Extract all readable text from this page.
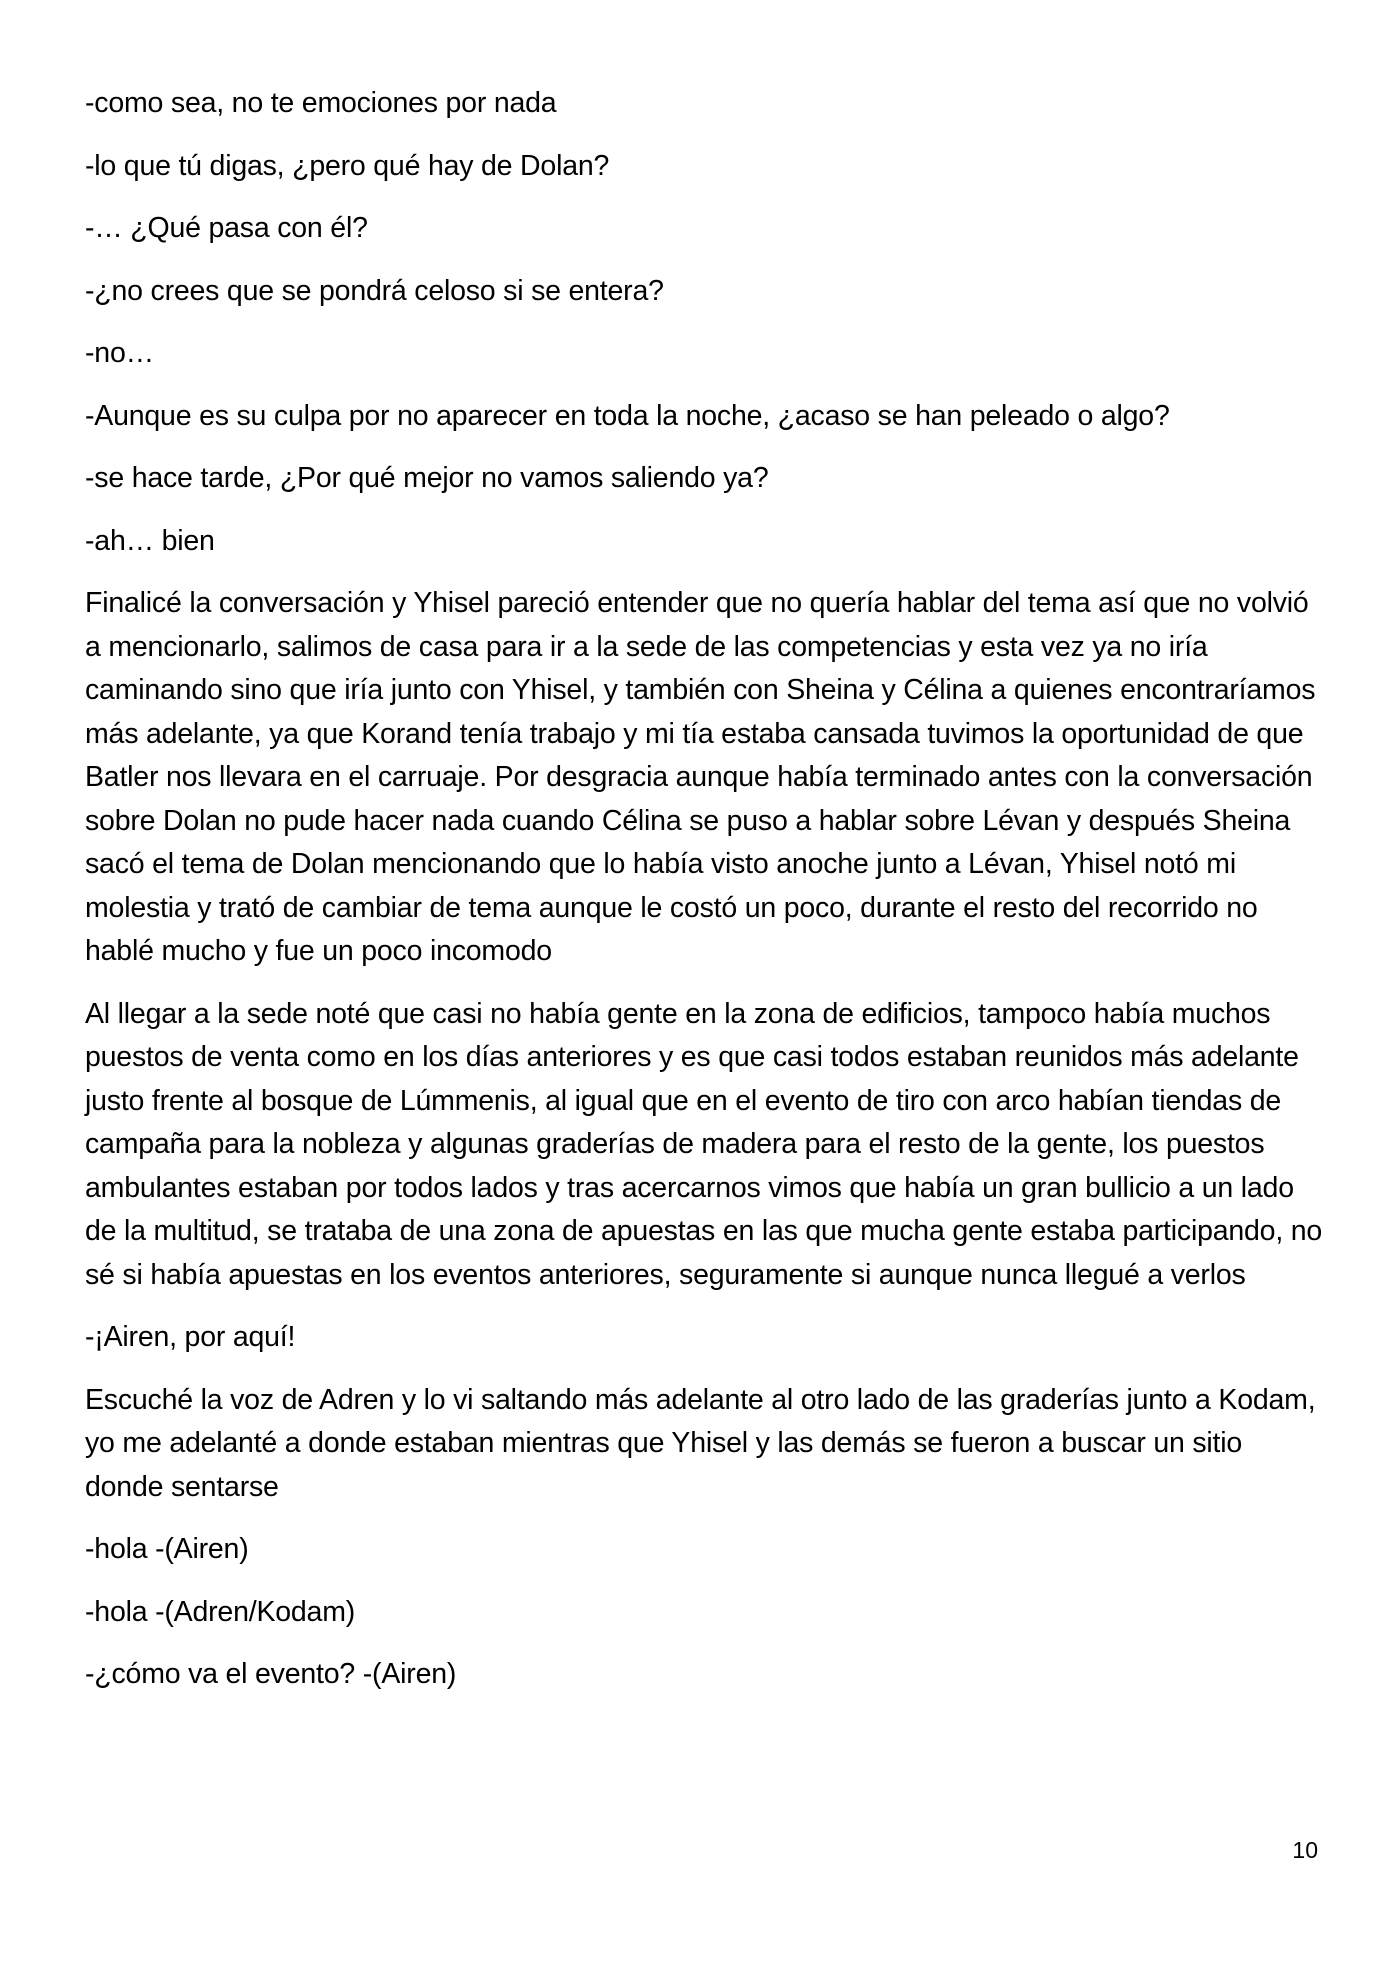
-como sea, no te emociones por nada

-lo que tú digas, ¿pero qué hay de Dolan?

-… ¿Qué pasa con él?

-¿no crees que se pondrá celoso si se entera?

-no…

-Aunque es su culpa por no aparecer en toda la noche, ¿acaso se han peleado o algo?

-se hace tarde, ¿Por qué mejor no vamos saliendo ya?

-ah… bien

Finalicé la conversación y Yhisel pareció entender que no quería hablar del tema así que no volvió a mencionarlo, salimos de casa para ir a la sede de las competencias y esta vez ya no iría caminando sino que iría junto con Yhisel, y también con Sheina y Célina a quienes encontraríamos más adelante, ya que Korand tenía trabajo y mi tía estaba cansada tuvimos la oportunidad de que Batler nos llevara en el carruaje. Por desgracia aunque había terminado antes con la conversación sobre Dolan no pude hacer nada cuando Célina se puso a hablar sobre Lévan y después Sheina sacó el tema de Dolan mencionando que lo había visto anoche junto a Lévan, Yhisel notó mi molestia y trató de cambiar de tema aunque le costó un poco, durante el resto del recorrido no hablé mucho y fue un poco incomodo

Al llegar a la sede noté que casi no había gente en la zona de edificios, tampoco había muchos puestos de venta como en los días anteriores y es que casi todos estaban reunidos más adelante justo frente al bosque de Lúmmenis, al igual que en el evento de tiro con arco habían tiendas de campaña para la nobleza y algunas graderías de madera para el resto de la gente, los puestos ambulantes estaban por todos lados y tras acercarnos vimos que había un gran bullicio a un lado de la multitud, se trataba de una zona de apuestas en las que mucha gente estaba participando, no sé si había apuestas en los eventos anteriores, seguramente si aunque nunca llegué a verlos

-¡Airen, por aquí!

Escuché la voz de Adren y lo vi saltando más adelante al otro lado de las graderías junto a Kodam, yo me adelanté a donde estaban mientras que Yhisel y las demás se fueron a buscar un sitio donde sentarse

-hola -(Airen)

-hola -(Adren/Kodam)

-¿cómo va el evento? -(Airen)

10
